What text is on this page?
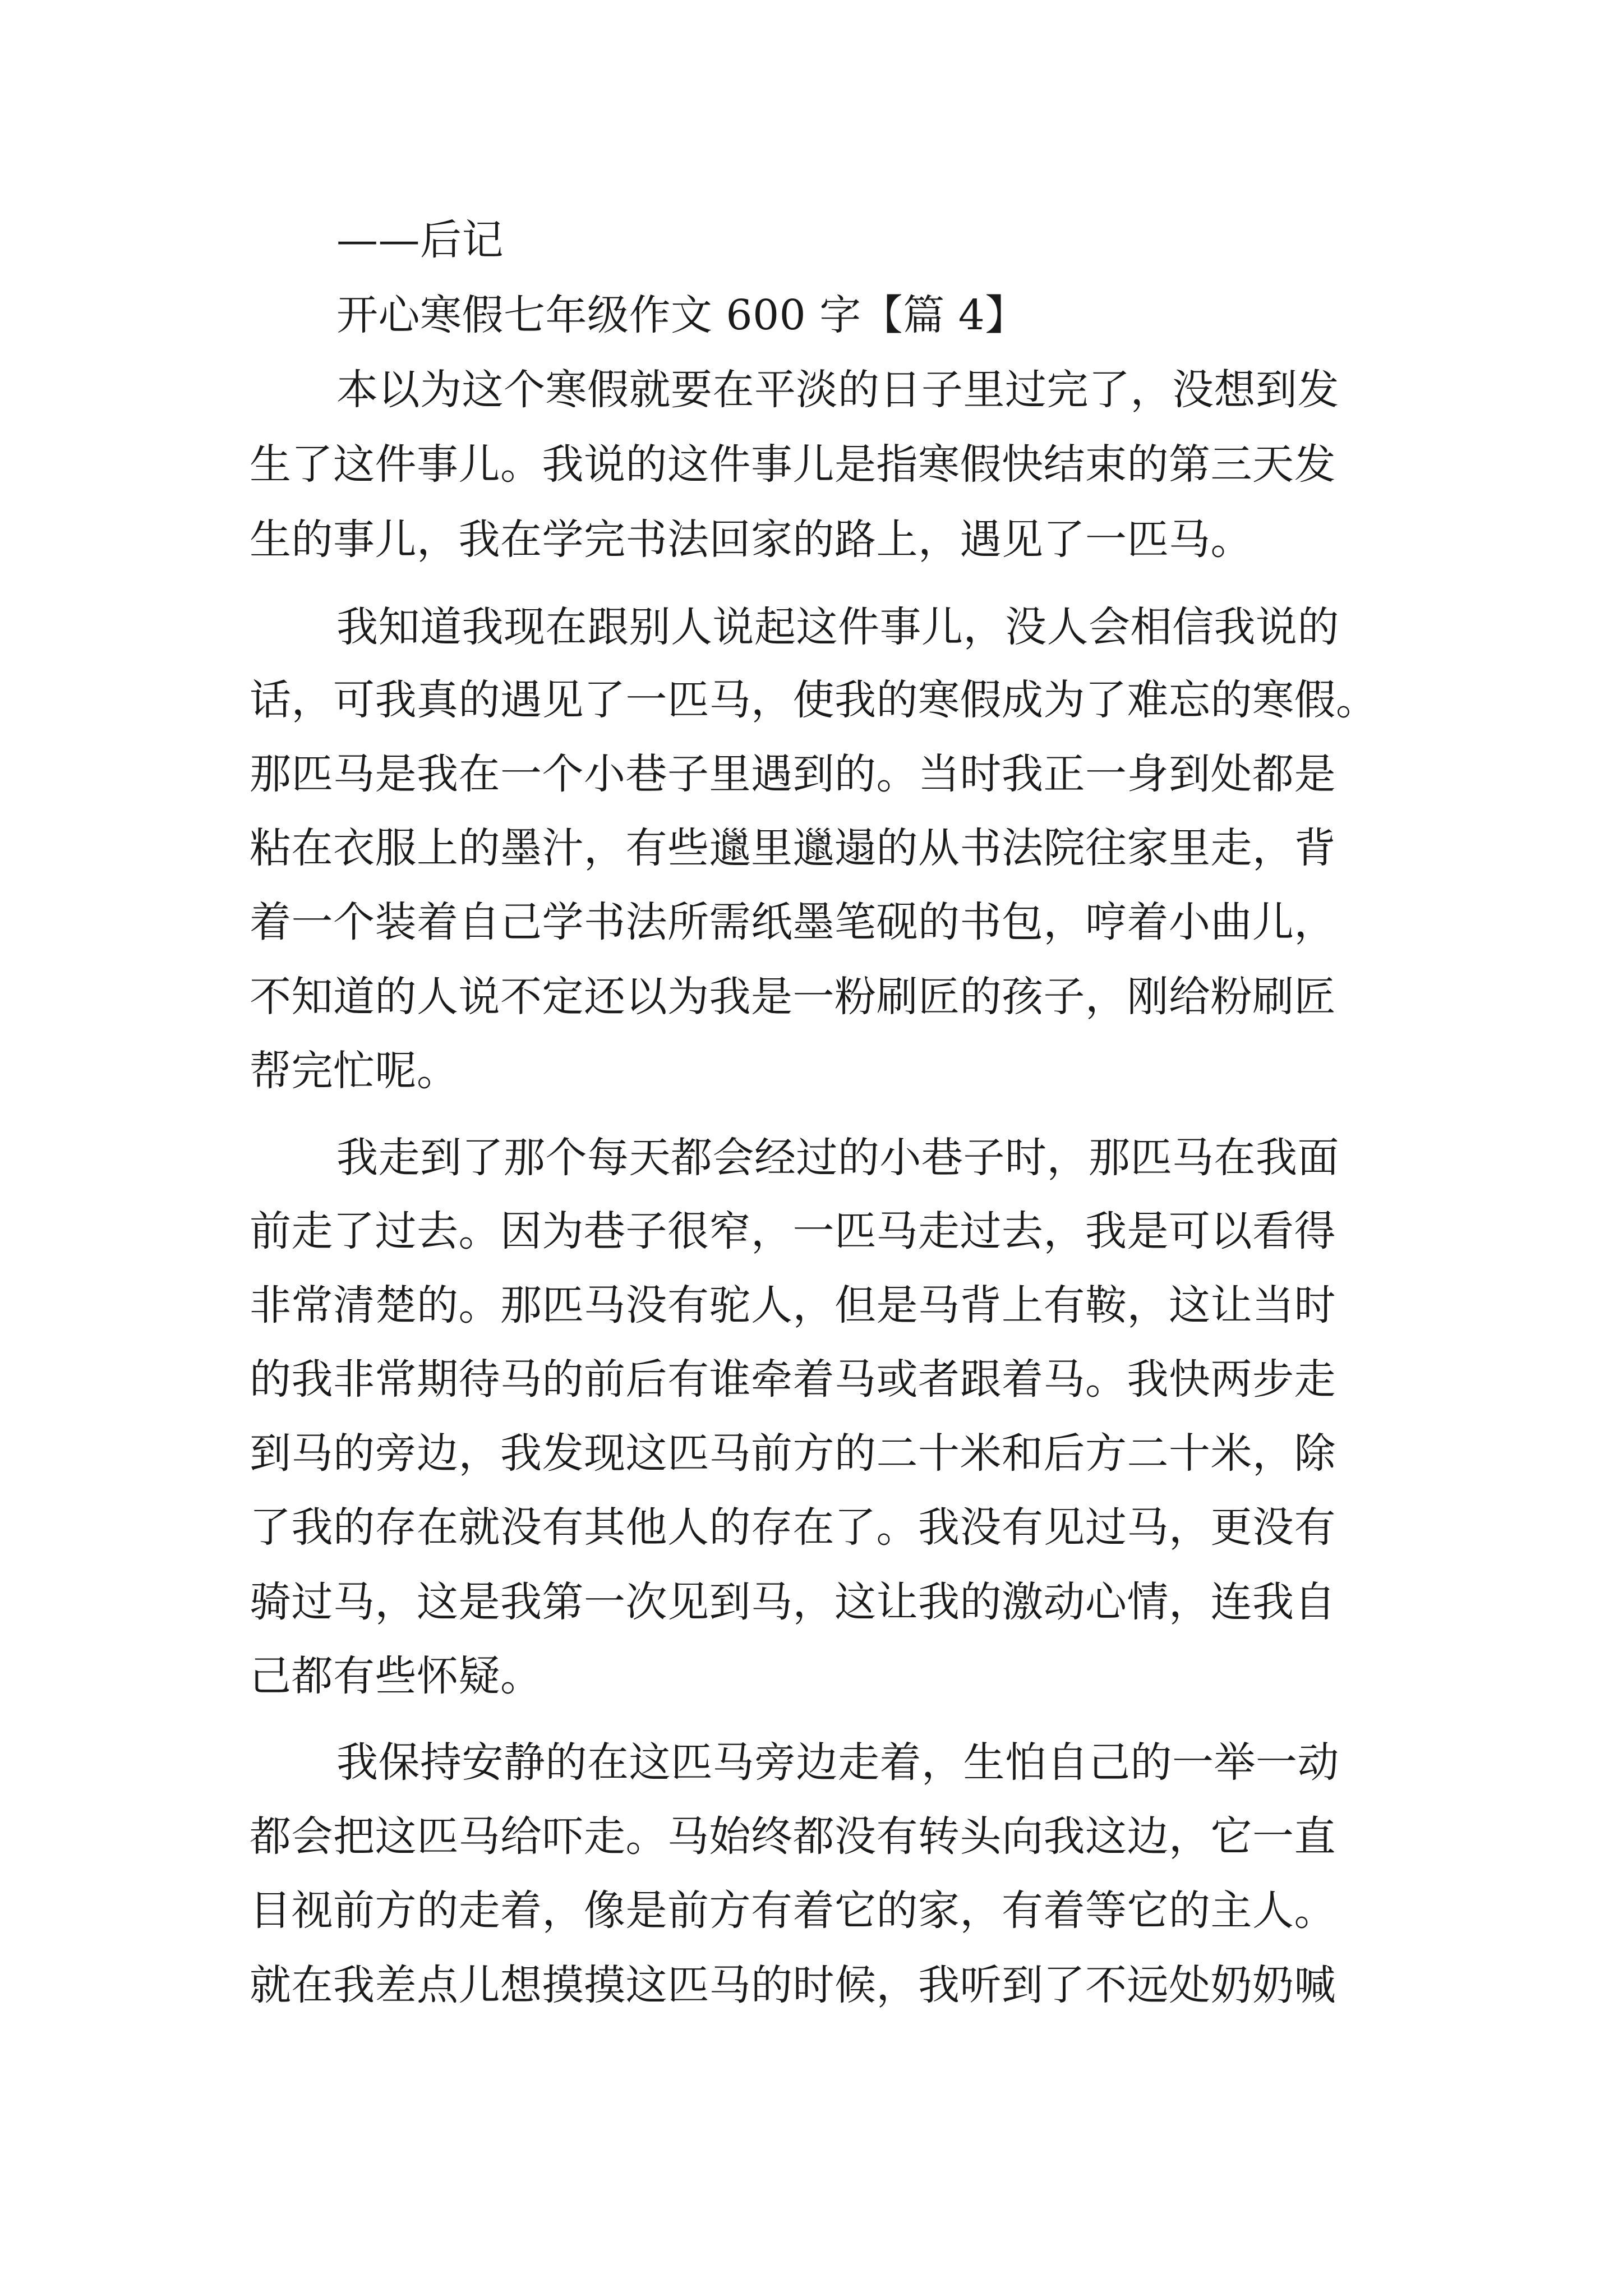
——后记
开心寒假七年级作文 600 字【篇 4】
本以为这个寒假就要在平淡的日子里过完了，没想到发
生了这件事儿。我说的这件事儿是指寒假快结束的第三天发
生的事儿，我在学完书法回家的路上，遇见了一匹马。
我知道我现在跟别人说起这件事儿，没人会相信我说的
话，可我真的遇见了一匹马，使我的寒假成为了难忘的寒假。
那匹马是我在一个小巷子里遇到的。当时我正一身到处都是
粘在衣服上的墨汁，有些邋里邋遢的从书法院往家里走，背
着一个装着自己学书法所需纸墨笔砚的书包，哼着小曲儿，
不知道的人说不定还以为我是一粉刷匠的孩子，刚给粉刷匠
帮完忙呢。
我走到了那个每天都会经过的小巷子时，那匹马在我面
前走了过去。因为巷子很窄，一匹马走过去，我是可以看得
非常清楚的。那匹马没有驼人，但是马背上有鞍，这让当时
的我非常期待马的前后有谁牵着马或者跟着马。我快两步走
到马的旁边，我发现这匹马前方的二十米和后方二十米，除
了我的存在就没有其他人的存在了。我没有见过马，更没有
骑过马，这是我第一次见到马，这让我的激动心情，连我自
己都有些怀疑。
我保持安静的在这匹马旁边走着，生怕自己的一举一动
都会把这匹马给吓走。马始终都没有转头向我这边，它一直
目视前方的走着，像是前方有着它的家，有着等它的主人。
就在我差点儿想摸摸这匹马的时候，我听到了不远处奶奶喊
